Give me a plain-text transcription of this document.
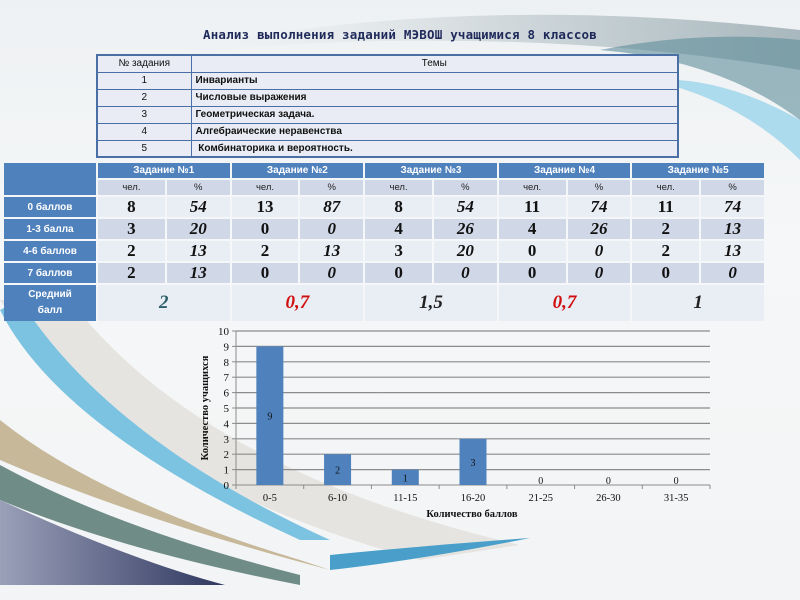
Анализ выполнения заданий МЭВОШ учащимися 8 классов
№ задания	Темы
1	Инварианты
2	Числовые выражения
3	Геометрическая задача.
4	Алгебраические неравенства
5	Комбинаторика и вероятность.
	Задание №1		Задание №2		Задание №3		Задание №4		Задание №5	
	чел.	%	чел.	%	чел.	%	чел.	%	чел.	%
0 баллов	8	54	13	87	8	54	11	74	11	74
1-3 балла	3	20	0	0	4	26	4	26	2	13
4-6 баллов	2	13	2	13	3	20	0	0	2	13
7 баллов	2	13	0	0	0	0	0	0	0	0
Средний
балл	2		0,7		1,5		0,7		1	
0
1
2
3
4
5
6
7
8
9
10
9
0-5
2
6-10
1
11-15
3
16-20
0
21-25
0
26-30
0
31-35
Количество баллов
Количество учащихся
